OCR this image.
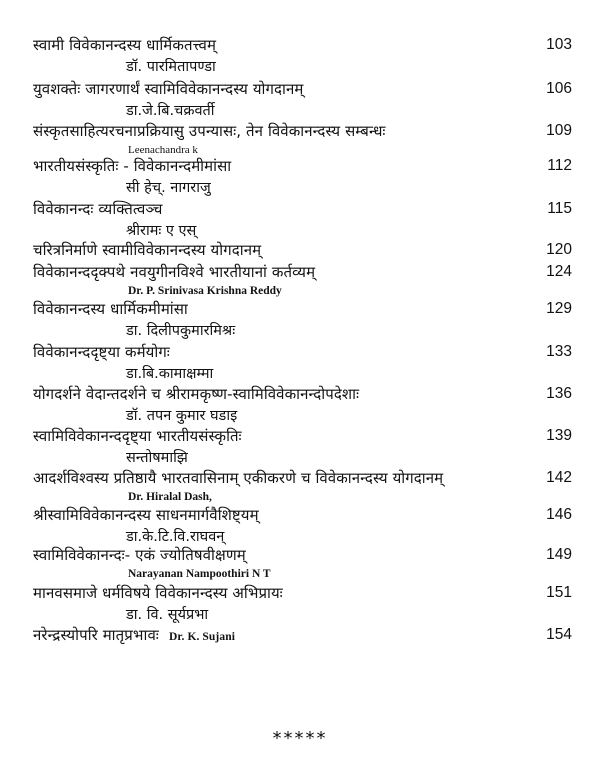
स्वामी विवेकानन्दस्य धार्मिकतत्त्वम्	103
डॉ. पारमितापण्डा
युवशक्तेः जागरणार्थं स्वामिविवेकानन्दस्य योगदानम्	106
डा.जे.बि.चक्रवर्ती
संस्कृतसाहित्यरचनाप्रक्रियासु उपन्यासः, तेन विवेकानन्दस्य सम्बन्धः	109
Leenachandra k
भारतीयसंस्कृतिः - विवेकानन्दमीमांसा	112
सी हेच्. नागराजु
विवेकानन्दः व्यक्तित्वञ्च	115
श्रीरामः ए एस्
चरित्रनिर्माणे स्वामीविवेकानन्दस्य योगदानम्	120
विवेकानन्ददृक्पथे नवयुगीनविश्वे भारतीयानां कर्तव्यम्	124
Dr. P. Srinivasa Krishna Reddy
विवेकानन्दस्य धार्मिकमीमांसा	129
डा. दिलीपकुमारमिश्रः
विवेकानन्ददृष्ट्या कर्मयोगः	133
डा.बि.कामाक्षम्मा
योगदर्शने वेदान्तदर्शने च श्रीरामकृष्ण-स्वामिविवेकानन्दोपदेशाः	136
डॉ. तपन कुमार घडाइ
स्वामिविवेकानन्ददृष्ट्या भारतीयसंस्कृतिः	139
सन्तोषमाझि
आदर्शविश्वस्य प्रतिष्ठायै भारतवासिनाम् एकीकरणे च विवेकानन्दस्य योगदानम्	142
Dr. Hiralal Dash,
श्रीस्वामिविवेकानन्दस्य साधनमार्गवैशिष्ट्यम्	146
डा.के.टि.वि.राघवन्
स्वामिविवेकानन्दः- एकं ज्योतिषवीक्षणम्	149
Narayanan Nampoothiri N T
मानवसमाजे धर्मविषये विवेकानन्दस्य अभिप्रायः	151
डा. वि. सूर्यप्रभा
नरेन्द्रस्योपरि मातृप्रभावः Dr. K. Sujani	154
*****
